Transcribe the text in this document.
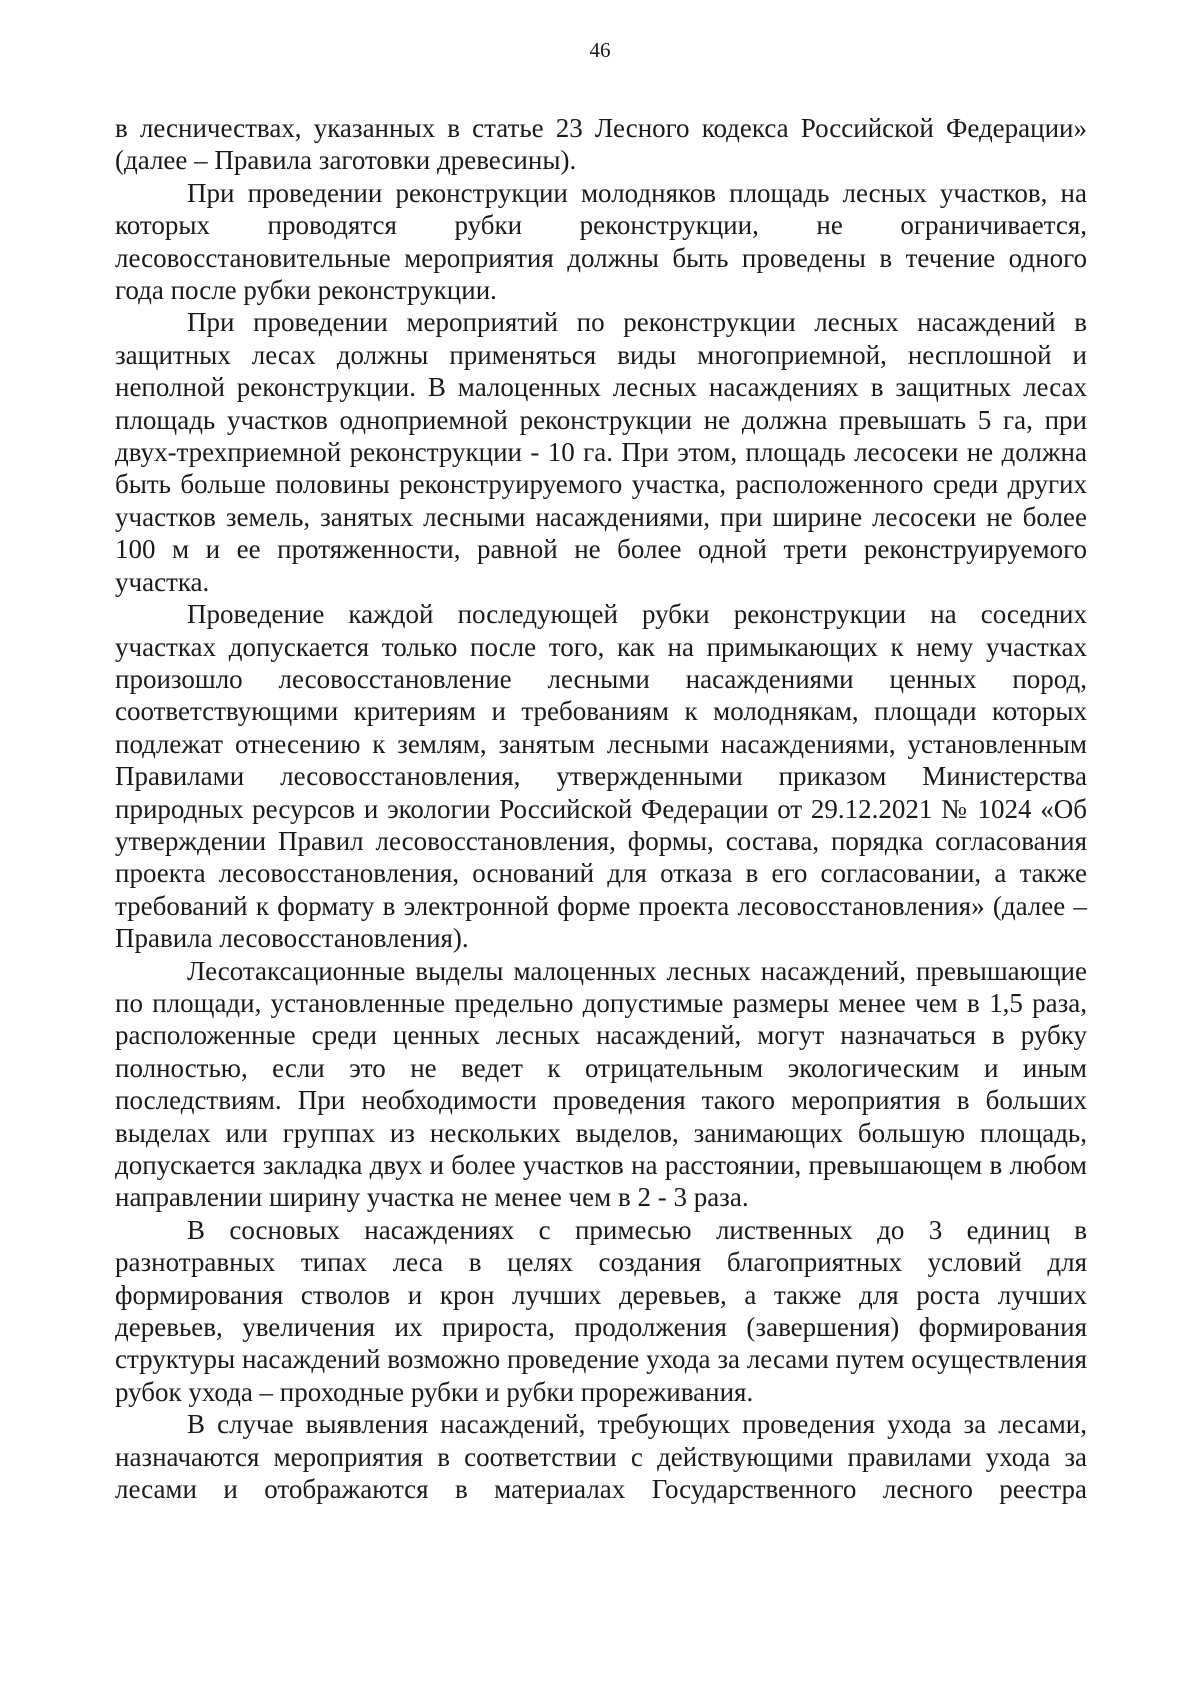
46

в лесничествах, указанных в статье 23 Лесного кодекса Российской Федерации» (далее – Правила заготовки древесины).

При проведении реконструкции молодняков площадь лесных участков, на которых проводятся рубки реконструкции, не ограничивается, лесовосстановительные мероприятия должны быть проведены в течение одного года после рубки реконструкции.

При проведении мероприятий по реконструкции лесных насаждений в защитных лесах должны применяться виды многоприемной, несплошной и неполной реконструкции. В малоценных лесных насаждениях в защитных лесах площадь участков одноприемной реконструкции не должна превышать 5 га, при двух-трехприемной реконструкции - 10 га. При этом, площадь лесосеки не должна быть больше половины реконструируемого участка, расположенного среди других участков земель, занятых лесными насаждениями, при ширине лесосеки не более 100 м и ее протяженности, равной не более одной трети реконструируемого участка.

Проведение каждой последующей рубки реконструкции на соседних участках допускается только после того, как на примыкающих к нему участках произошло лесовосстановление лесными насаждениями ценных пород, соответствующими критериям и требованиям к молоднякам, площади которых подлежат отнесению к землям, занятым лесными насаждениями, установленным Правилами лесовосстановления, утвержденными приказом Министерства природных ресурсов и экологии Российской Федерации от 29.12.2021 № 1024 «Об утверждении Правил лесовосстановления, формы, состава, порядка согласования проекта лесовосстановления, оснований для отказа в его согласовании, а также требований к формату в электронной форме проекта лесовосстановления» (далее – Правила лесовосстановления).

Лесотаксационные выделы малоценных лесных насаждений, превышающие по площади, установленные предельно допустимые размеры менее чем в 1,5 раза, расположенные среди ценных лесных насаждений, могут назначаться в рубку полностью, если это не ведет к отрицательным экологическим и иным последствиям. При необходимости проведения такого мероприятия в больших выделах или группах из нескольких выделов, занимающих большую площадь, допускается закладка двух и более участков на расстоянии, превышающем в любом направлении ширину участка не менее чем в 2 - 3 раза.

В сосновых насаждениях с примесью лиственных до 3 единиц в разнотравных типах леса в целях создания благоприятных условий для формирования стволов и крон лучших деревьев, а также для роста лучших деревьев, увеличения их прироста, продолжения (завершения) формирования структуры насаждений возможно проведение ухода за лесами путем осуществления рубок ухода – проходные рубки и рубки прореживания.

В случае выявления насаждений, требующих проведения ухода за лесами, назначаются мероприятия в соответствии с действующими правилами ухода за лесами и отображаются в материалах Государственного лесного реестра
